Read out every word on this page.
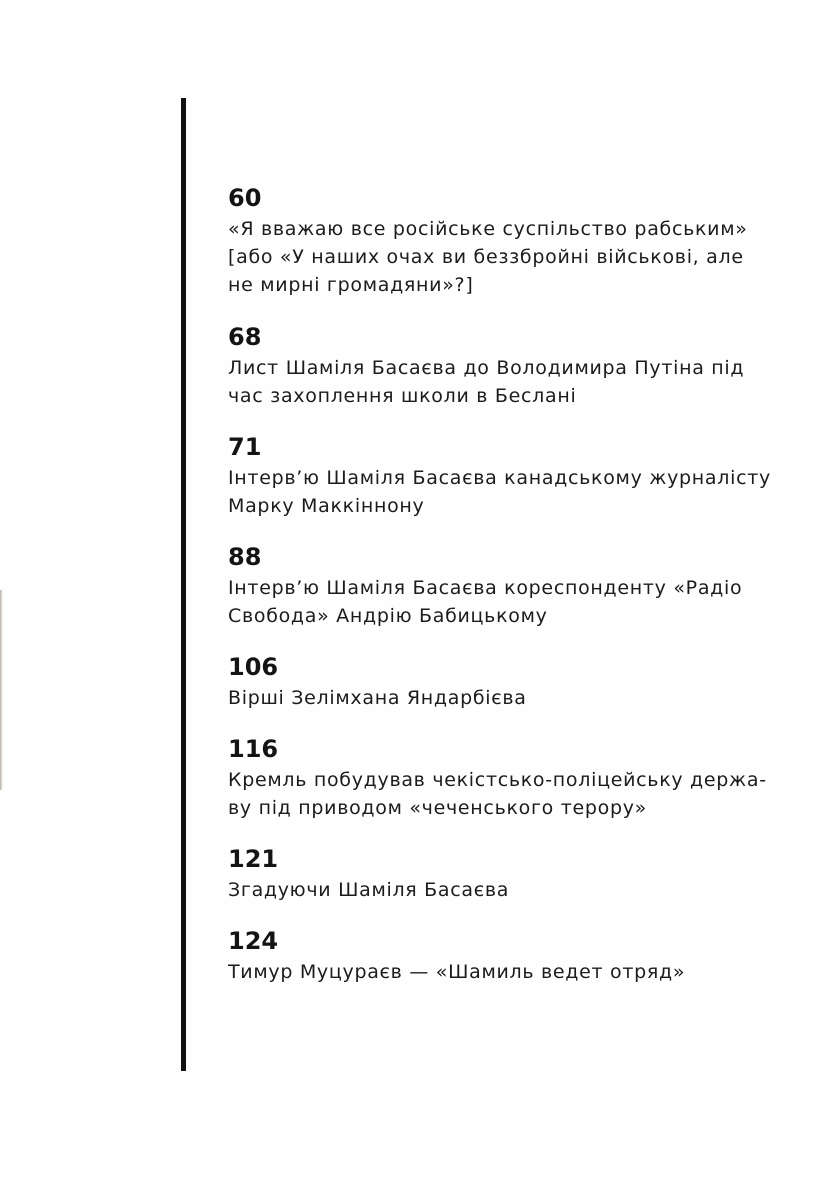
60
«Я вважаю все російське суспільство рабським»
[або «У наших очах ви беззбройні військові, але
не мирні громадяни»?]
68
Лист Шаміля Басаєва до Володимира Путіна під
час захоплення школи в Беслані
71
Інтерв’ю Шаміля Басаєва канадському журналісту
Марку Маккіннону
88
Інтерв’ю Шаміля Басаєва кореспонденту «Радіо
Свобода» Андрію Бабицькому
106
Вірші Зелімхана Яндарбієва
116
Кремль побудував чекістсько-поліцейську держа-
ву під приводом «чеченського терору»
121
Згадуючи Шаміля Басаєва
124
Тимур Муцураєв — «Шамиль ведет отряд»
